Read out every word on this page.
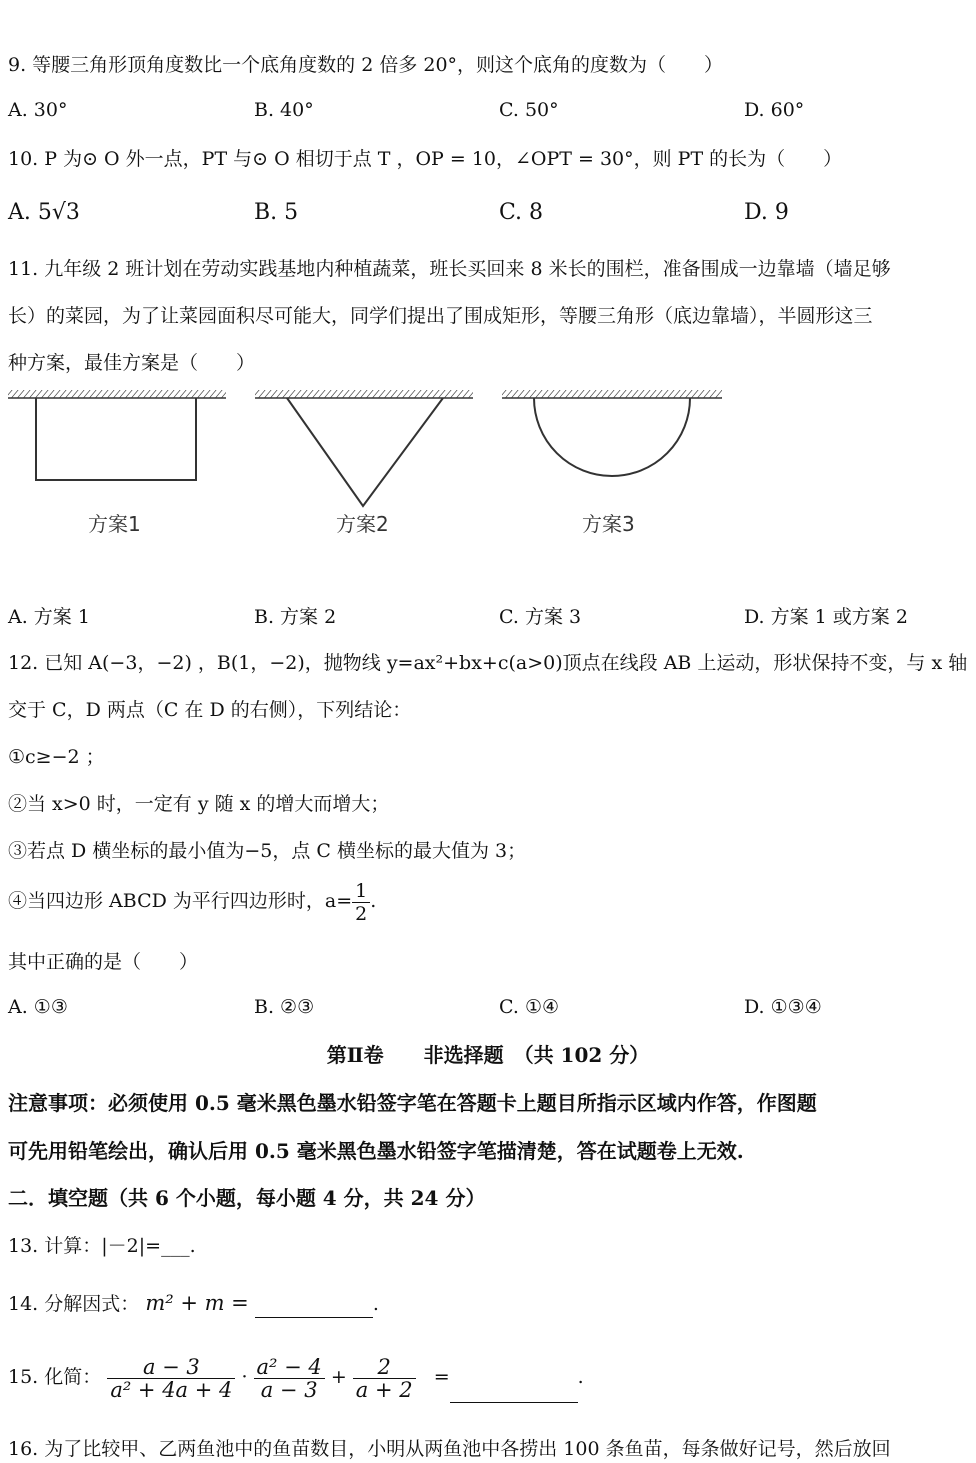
9. 等腰三角形顶角度数比一个底角度数的 2 倍多 20°，则这个底角的度数为（　　）
A. 30°	B. 40°	C. 50°	D. 60°
10. P 为⊙ O 外一点，PT 与⊙ O 相切于点 T ，OP = 10，∠OPT = 30°，则 PT 的长为（　　）
A. 5√3	B. 5	C. 8	D. 9
11. 九年级 2 班计划在劳动实践基地内种植蔬菜，班长买回来 8 米长的围栏，准备围成一边靠墙（墙足够
长）的菜园，为了让菜园面积尽可能大，同学们提出了围成矩形，等腰三角形（底边靠墙），半圆形这三
种方案，最佳方案是（　　）
方案1	方案2	方案3
A. 方案 1	B. 方案 2	C. 方案 3	D. 方案 1 或方案 2
12. 已知 A(−3，−2) ，B(1，−2)，抛物线 y=ax²+bx+c(a>0)顶点在线段 AB 上运动，形状保持不变，与 x 轴
交于 C，D 两点（C 在 D 的右侧），下列结论：
①c≥−2 ；
②当 x>0 时，一定有 y 随 x 的增大而增大；
③若点 D 横坐标的最小值为−5，点 C 横坐标的最大值为 3；
④当四边形 ABCD 为平行四边形时，$a= \frac{1}{2}$ .
其中正确的是（　　）
A. ①③	B. ②③	C. ①④	D. ①③④
第Ⅱ卷　　非选择题　（共 102 分）
注意事项：必须使用 0.5 毫米黑色墨水铅签字笔在答题卡上题目所指示区域内作答，作图题
可先用铅笔绘出，确认后用 0.5 毫米黑色墨水铅签字笔描清楚，答在试题卷上无效.
二．填空题（共 6 个小题，每小题 4 分，共 24 分）
13. 计算：|－2|=___.
14. 分解因式： m² + m =	.
15. 化简： $\frac{a - 3}{\text{a² + 4a + 4}} \cdot \frac{\text{a² − 4}}{a - 3} + \frac{2}{a + 2}$ =	.
16. 为了比较甲、乙两鱼池中的鱼苗数目，小明从两鱼池中各捞出 100 条鱼苗，每条做好记号，然后放回
